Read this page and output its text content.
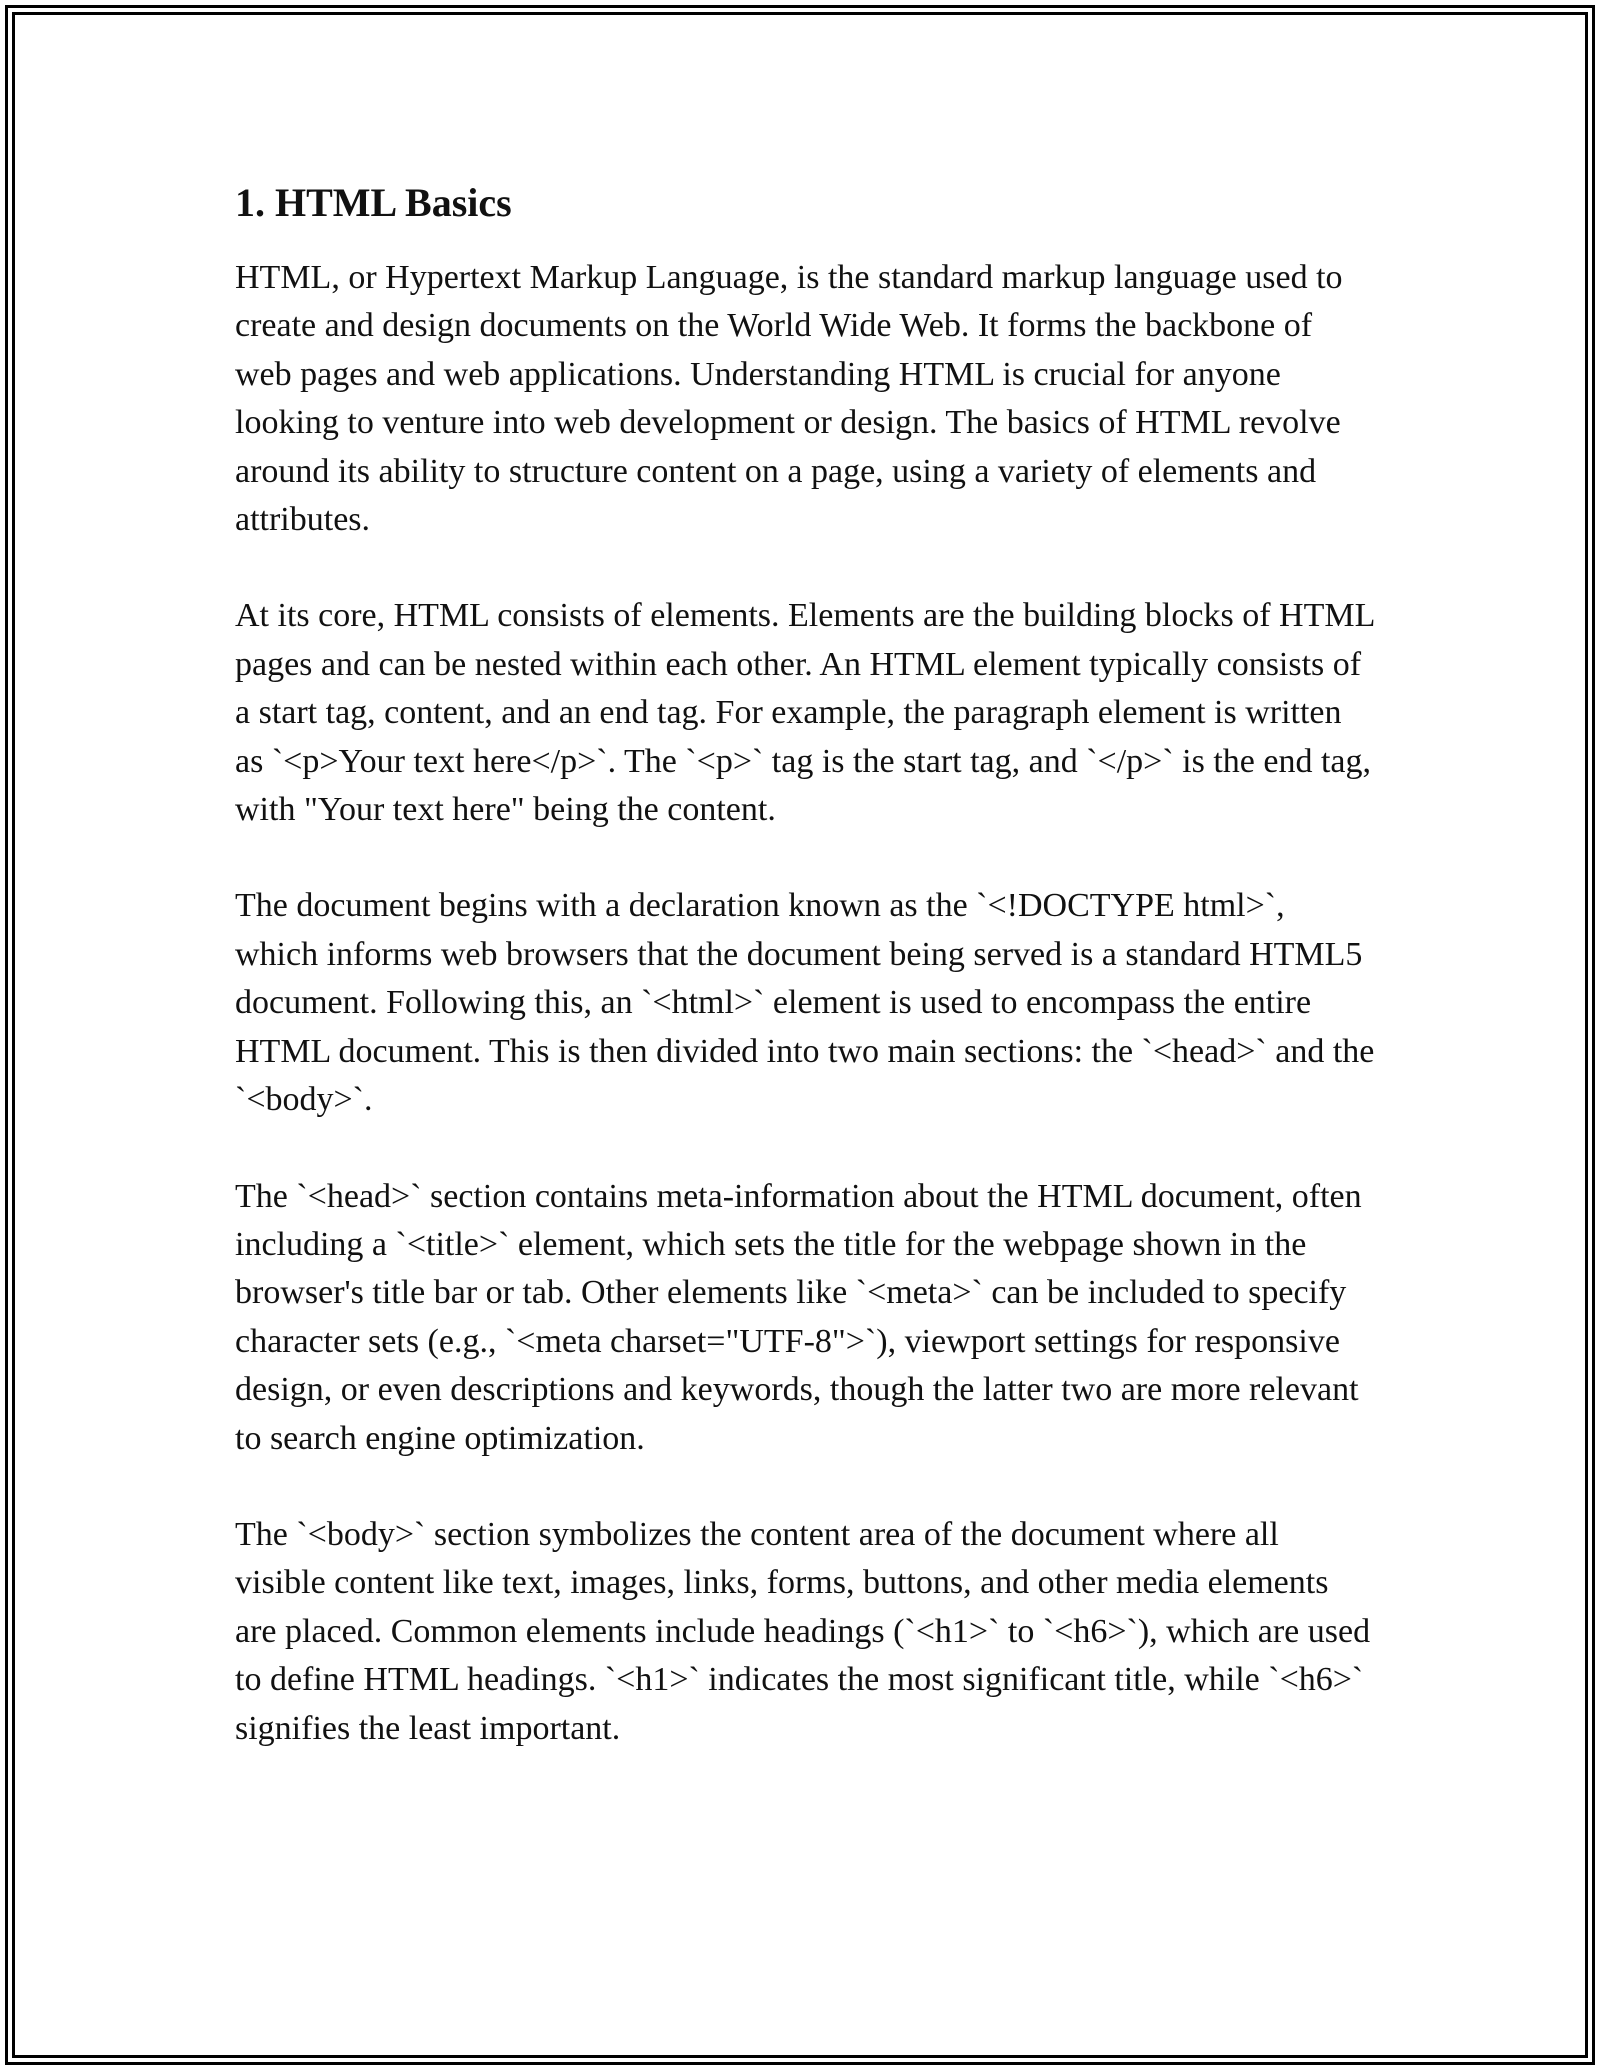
1. HTML Basics

HTML, or Hypertext Markup Language, is the standard markup language used to create and design documents on the World Wide Web. It forms the backbone of web pages and web applications. Understanding HTML is crucial for anyone looking to venture into web development or design. The basics of HTML revolve around its ability to structure content on a page, using a variety of elements and attributes.

At its core, HTML consists of elements. Elements are the building blocks of HTML pages and can be nested within each other. An HTML element typically consists of a start tag, content, and an end tag. For example, the paragraph element is written as `<p>Your text here</p>`. The `<p>` tag is the start tag, and `</p>` is the end tag, with "Your text here" being the content.

The document begins with a declaration known as the `<!DOCTYPE html>`, which informs web browsers that the document being served is a standard HTML5 document. Following this, an `<html>` element is used to encompass the entire HTML document. This is then divided into two main sections: the `<head>` and the `<body>`.

The `<head>` section contains meta-information about the HTML document, often including a `<title>` element, which sets the title for the webpage shown in the browser's title bar or tab. Other elements like `<meta>` can be included to specify character sets (e.g., `<meta charset="UTF-8">`), viewport settings for responsive design, or even descriptions and keywords, though the latter two are more relevant to search engine optimization.

The `<body>` section symbolizes the content area of the document where all visible content like text, images, links, forms, buttons, and other media elements are placed. Common elements include headings (`<h1>` to `<h6>`), which are used to define HTML headings. `<h1>` indicates the most significant title, while `<h6>` signifies the least important.
